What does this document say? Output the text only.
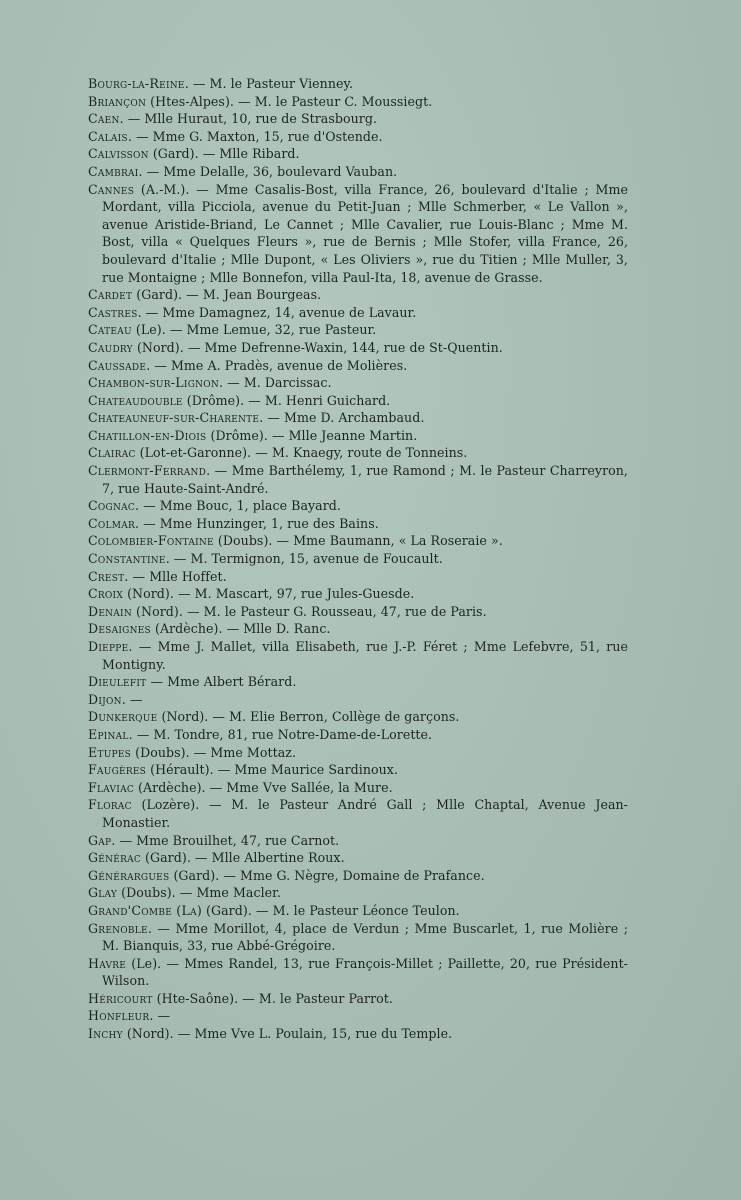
Bourg-la-Reine. — M. le Pasteur Vienney.

Briançon (Htes-Alpes). — M. le Pasteur C. Moussiegt.

Caen. — Mlle Huraut, 10, rue de Strasbourg.

Calais. — Mme G. Maxton, 15, rue d'Ostende.

Calvisson (Gard). — Mlle Ribard.

Cambrai. — Mme Delalle, 36, boulevard Vauban.

Cannes (A.-M.). — Mme Casalis-Bost, villa France, 26, boulevard d'Italie ; Mme Mordant, villa Picciola, avenue du Petit-Juan ; Mlle Schmerber, « Le Vallon », avenue Aristide-Briand, Le Cannet ; Mlle Cavalier, rue Louis-Blanc ; Mme M. Bost, villa « Quelques Fleurs », rue de Bernis ; Mlle Stofer, villa France, 26, boulevard d'Italie ; Mlle Dupont, « Les Oliviers », rue du Titien ; Mlle Muller, 3, rue Montaigne ; Mlle Bonnefon, villa Paul-Ita, 18, avenue de Grasse.

Cardet (Gard). — M. Jean Bourgeas.

Castres. — Mme Damagnez, 14, avenue de Lavaur.

Cateau (Le). — Mme Lemue, 32, rue Pasteur.

Caudry (Nord). — Mme Defrenne-Waxin, 144, rue de St-Quentin.

Caussade. — Mme A. Pradès, avenue de Molières.

Chambon-sur-Lignon. — M. Darcissac.

Chateaudouble (Drôme). — M. Henri Guichard.

Chateauneuf-sur-Charente. — Mme D. Archambaud.

Chatillon-en-Diois (Drôme). — Mlle Jeanne Martin.

Clairac (Lot-et-Garonne). — M. Knaegy, route de Tonneins.

Clermont-Ferrand. — Mme Barthélemy, 1, rue Ramond ; M. le Pasteur Charreyron, 7, rue Haute-Saint-André.

Cognac. — Mme Bouc, 1, place Bayard.

Colmar. — Mme Hunzinger, 1, rue des Bains.

Colombier-Fontaine (Doubs). — Mme Baumann, « La Roseraie ».

Constantine. — M. Termignon, 15, avenue de Foucault.

Crest. — Mlle Hoffet.

Croix (Nord). — M. Mascart, 97, rue Jules-Guesde.

Denain (Nord). — M. le Pasteur G. Rousseau, 47, rue de Paris.

Desaignes (Ardèche). — Mlle D. Ranc.

Dieppe. — Mme J. Mallet, villa Elisabeth, rue J.-P. Féret ; Mme Lefebvre, 51, rue Montigny.

Dieulefit — Mme Albert Bérard.

Dijon. —

Dunkerque (Nord). — M. Elie Berron, Collège de garçons.

Epinal. — M. Tondre, 81, rue Notre-Dame-de-Lorette.

Etupes (Doubs). — Mme Mottaz.

Faugères (Hérault). — Mme Maurice Sardinoux.

Flaviac (Ardèche). — Mme Vve Sallée, la Mure.

Florac (Lozère). — M. le Pasteur André Gall ; Mlle Chaptal, Avenue Jean-Monastier.

Gap. — Mme Brouilhet, 47, rue Carnot.

Générac (Gard). — Mlle Albertine Roux.

Générargues (Gard). — Mme G. Nègre, Domaine de Prafance.

Glay (Doubs). — Mme Macler.

Grand'Combe (La) (Gard). — M. le Pasteur Léonce Teulon.

Grenoble. — Mme Morillot, 4, place de Verdun ; Mme Buscarlet, 1, rue Molière ; M. Bianquis, 33, rue Abbé-Grégoire.

Havre (Le). — Mmes Randel, 13, rue François-Millet ; Paillette, 20, rue Président-Wilson.

Héricourt (Hte-Saône). — M. le Pasteur Parrot.

Honfleur. —

Inchy (Nord). — Mme Vve L. Poulain, 15, rue du Temple.
